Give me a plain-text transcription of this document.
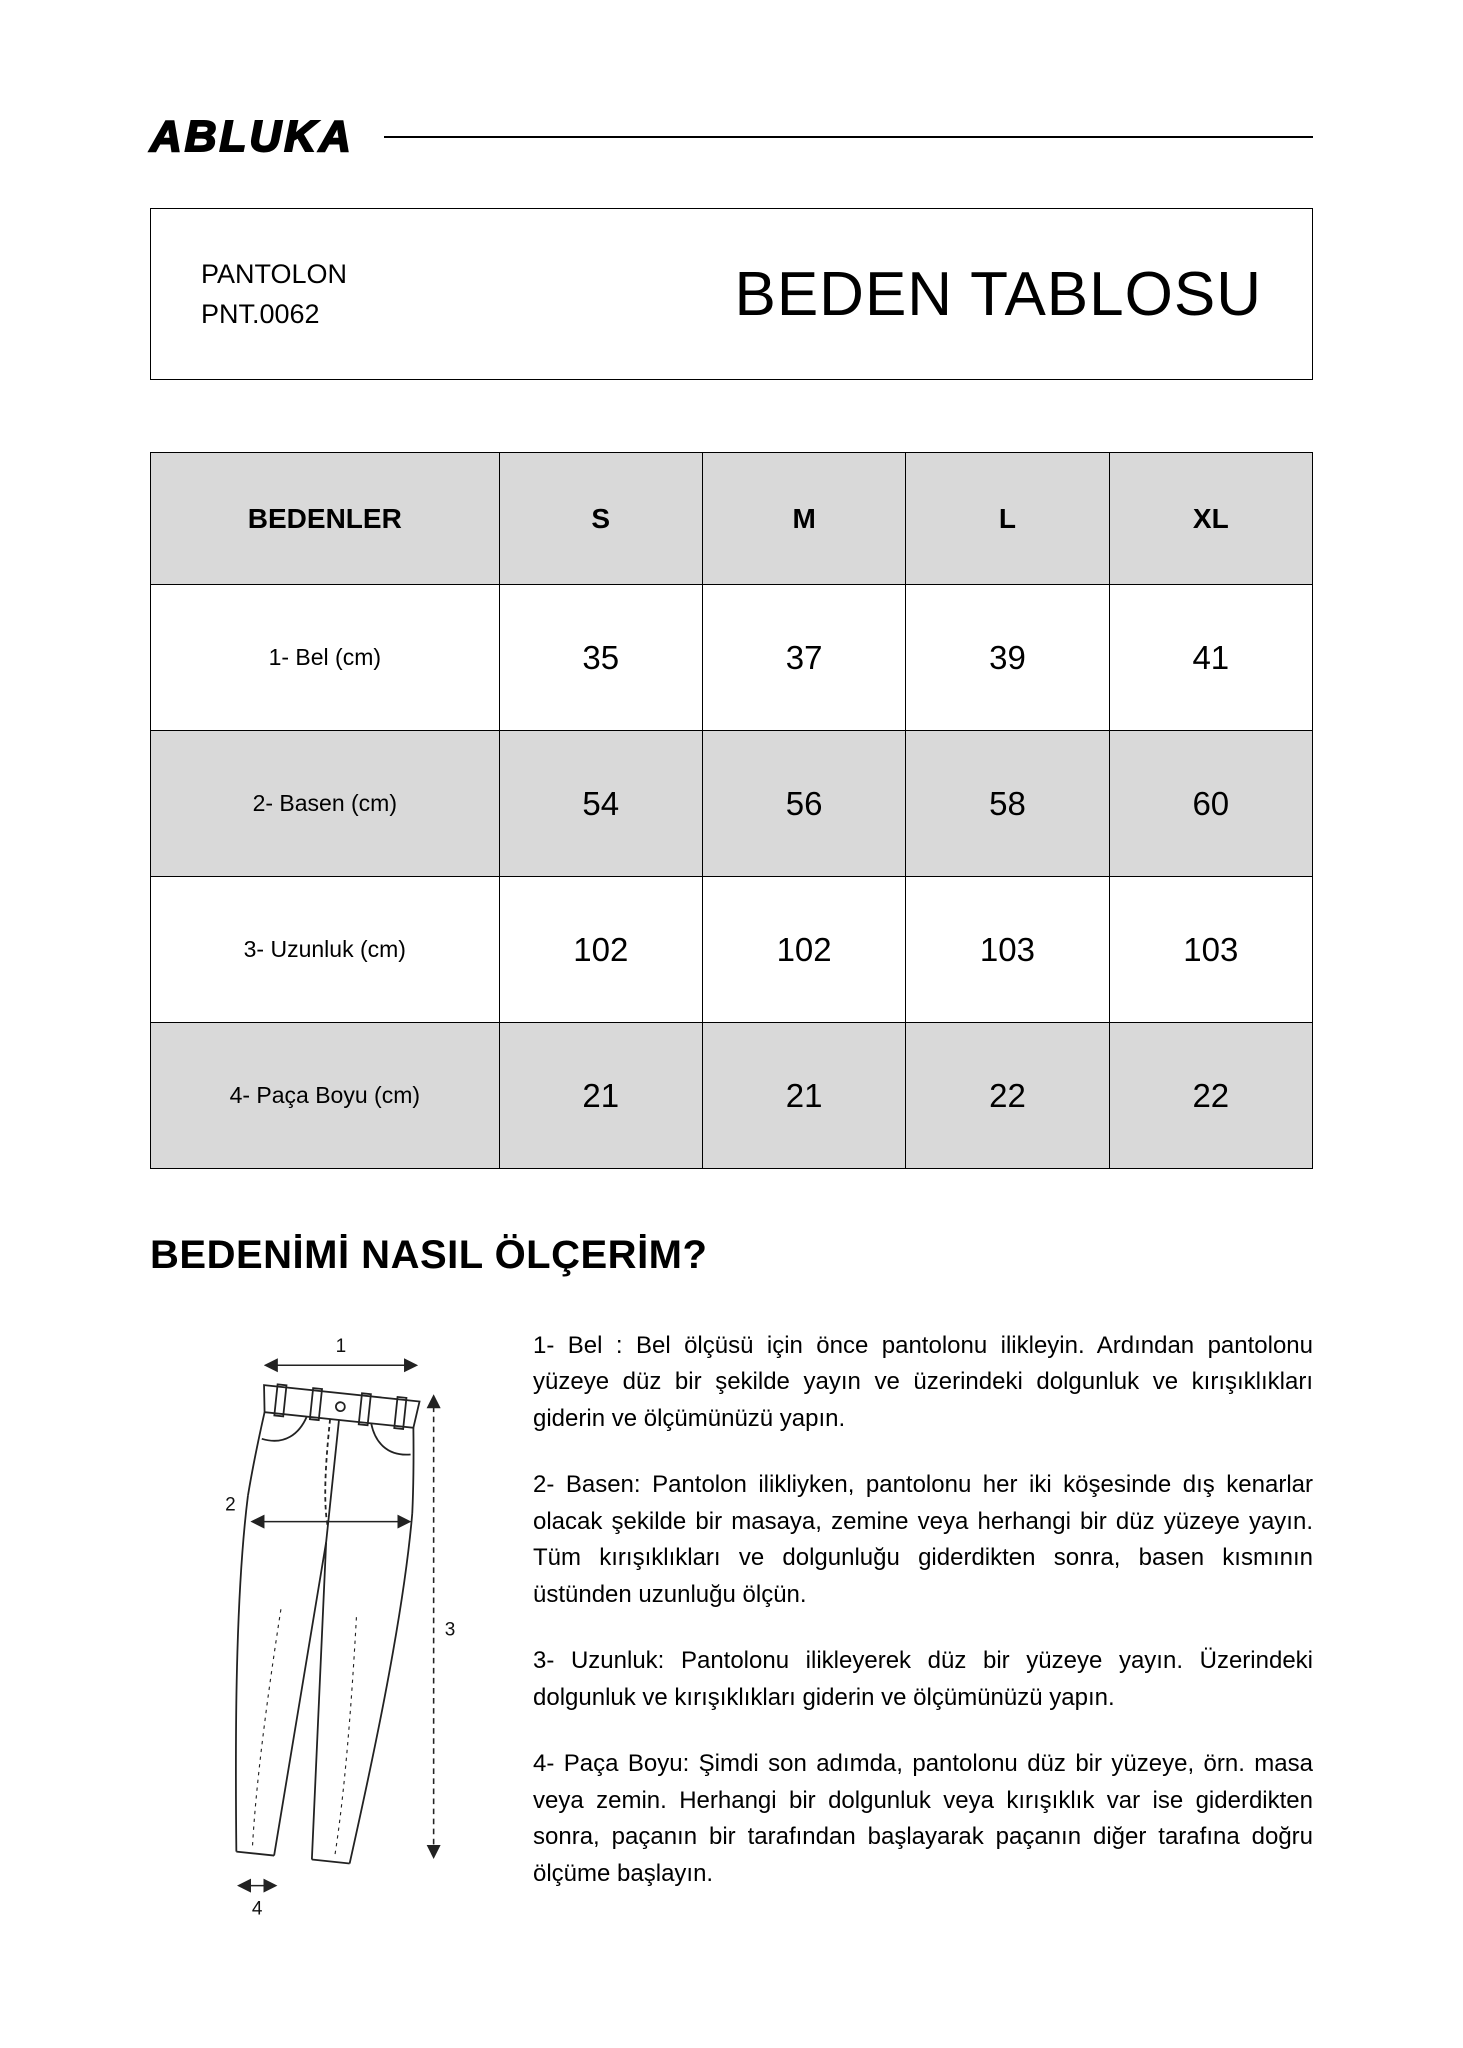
ABLUKA
PANTOLON
PNT.0062	BEDEN TABLOSU
BEDENLER	S	M	L	XL
1- Bel (cm)	35	37	39	41
2- Basen (cm)	54	56	58	60
3- Uzunluk (cm)	102	102	103	103
4- Paça Boyu (cm)	21	21	22	22
BEDENİMİ NASIL ÖLÇERİM?
1
2
3
4

1- Bel : Bel ölçüsü için önce pantolonu ilikleyin. Ardından pantolonu yüzeye düz bir şekilde yayın ve üzerindeki dolgunluk ve kırışıklıkları giderin ve ölçümünüzü yapın.

2- Basen: Pantolon ilikliyken, pantolonu her iki köşesinde dış kenarlar olacak şekilde bir masaya, zemine veya herhangi bir düz yüzeye yayın. Tüm kırışıklıkları ve dolgunluğu giderdikten sonra, basen kısmının üstünden uzunluğu ölçün.

3- Uzunluk: Pantolonu ilikleyerek düz bir yüzeye yayın. Üzerindeki dolgunluk ve kırışıklıkları giderin ve ölçümünüzü yapın.

4- Paça Boyu: Şimdi son adımda, pantolonu düz bir yüzeye, örn. masa veya zemin. Herhangi bir dolgunluk veya kırışıklık var ise giderdikten sonra, paçanın bir tarafından başlayarak paçanın diğer tarafına doğru ölçüme başlayın.
